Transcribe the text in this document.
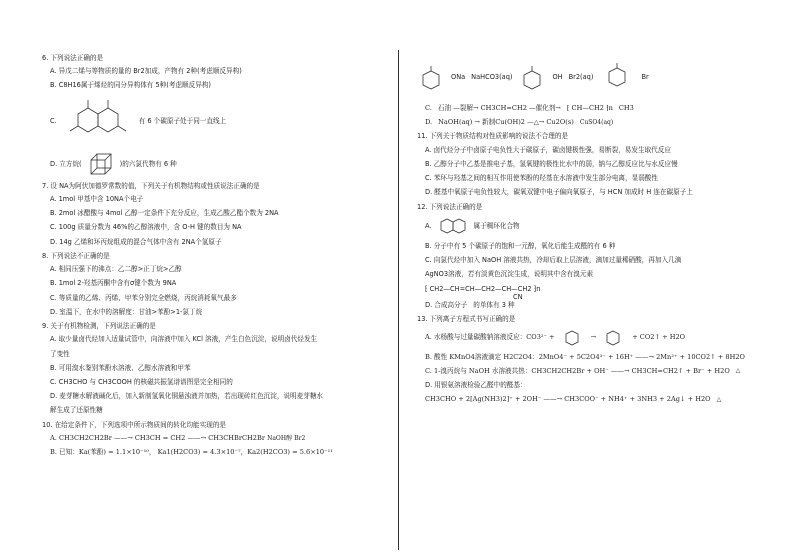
6. 下列说法正确的是
A. 异戊二烯与等物质的量的 Br2加成，产物有 2种(考虑顺反异构)
B. C8H16属于烯烃的同分异构体有 5种(考虑顺反异构)
C.	有 6 个碳原子处于同一直线上
D. 立方烷(	)的六氯代物有 6 种
7. 设 NA为阿伏加德罗常数的值，下列关于有机物结构或性质说法正确的是
A. 1mol 甲基中含 10NA个电子
B. 2mol 冰醋酸与 4mol 乙醇一定条件下充分反应，生成乙酸乙酯个数为 2NA
C. 100g 质量分数为 46%的乙醇溶液中，含 O-H 键的数目为 NA
D. 14g 乙烯和环丙烷组成的混合气体中含有 2NA个氢原子
8. 下列说法不正确的是
A. 相同压强下的沸点：乙二醇>正丁烷>乙醇
B. 1mol 2-羟基丙酮中含有σ键个数为 9NA
C. 等质量的乙烯、丙烯、甲苯分别完全燃烧，丙烷消耗氧气最多
D. 室温下，在水中的溶解度：甘油>苯酚>1-氯丁烷
9. 关于有机物检测，下列说法正确的是
A. 取少量卤代烃加入适量试管中，向溶液中加入 KCl 溶液，产生白色沉淀，说明卤代烃发生
了变性
B. 可用溴水鉴别苯酚水溶液、乙醇水溶液和甲苯
C. CH3CHO 与 CH3COOH 的核磁共振氢谱谱图是完全相同的
D. 麦芽糖水解液碱化后，加入新制氢氧化铜悬浊液并加热，若出现砖红色沉淀，说明麦芽糖水
解生成了还原性糖
10. 在给定条件下，下列选项中所示物质间的转化均能实现的是
A. CH3CH2CH2Br ——→ CH3CH = CH2 ——→ CH3CHBrCH2Br NaOH醇 Br2
B. 已知：Ka(苯酚) = 1.1×10⁻¹⁰， Ka1(H2CO3) = 4.3×10⁻⁷，Ka2(H2CO3) = 5.6×10⁻¹¹
ONa NaHCO3(aq)	OH Br2(aq)	Br
C. 石油 —裂解→ CH3CH=CH2 —催化剂→ ⁅ CH—CH2 ⁆n CH3
D. NaOH(aq) → 新制Cu(OH)2 —△→ Cu2O(s) CuSO4(aq)
11. 下列关于物质结构对性质影响的说法不合理的是
A. 卤代烃分子中卤原子电负性大于碳原子，碳卤键极性强，易断裂，易发生取代反应
B. 乙醇分子中乙基是推电子基，氢氧键的极性比水中的弱，钠与乙醇反应比与水反应慢
C. 苯环与羟基之间的相互作用使苯酚的羟基在水溶液中发生部分电离，显弱酸性
D. 醛基中氧原子电负性较大，碳氧双键中电子偏向氧原子，与 HCN 加成时 H 连在碳原子上
12. 下列说法正确的是
A.	属于稠环化合物
B. 分子中有 5 个碳原子的饱和一元醇，氧化后能生成醛的有 6 种
C. 向氯代烃中加入 NaOH 溶液共热，冷却后取上层溶液，滴加过量稀硝酸，再加入几滴
AgNO3溶液，若有淡黄色沉淀生成，说明其中含有溴元素
⁅ CH2—CH=CH—CH2—CH—CH2 ⁆n
CN
D. 合成高分子 的单体有 3 种
13. 下列离子方程式书写正确的是
A. 水杨酸与过量碳酸钠溶液反应：CO3²⁻ +	→	+ CO2↑ + H2O
B. 酸性 KMnO4溶液滴定 H2C2O4：2MnO4⁻ + 5C2O4²⁻ + 16H⁺ ——→ 2Mn²⁺ + 10CO2↑ + 8H2O
C. 1-溴丙烷与 NaOH 水溶液共热：CH3CH2CH2Br + OH⁻ ——→ CH3CH=CH2↑ + Br⁻ + H2O △
D. 用银氨溶液检验乙醛中的醛基：
CH3CHO + 2[Ag(NH3)2]⁺ + 2OH⁻ ——→ CH3COO⁻ + NH4⁺ + 3NH3 + 2Ag↓ + H2O △
